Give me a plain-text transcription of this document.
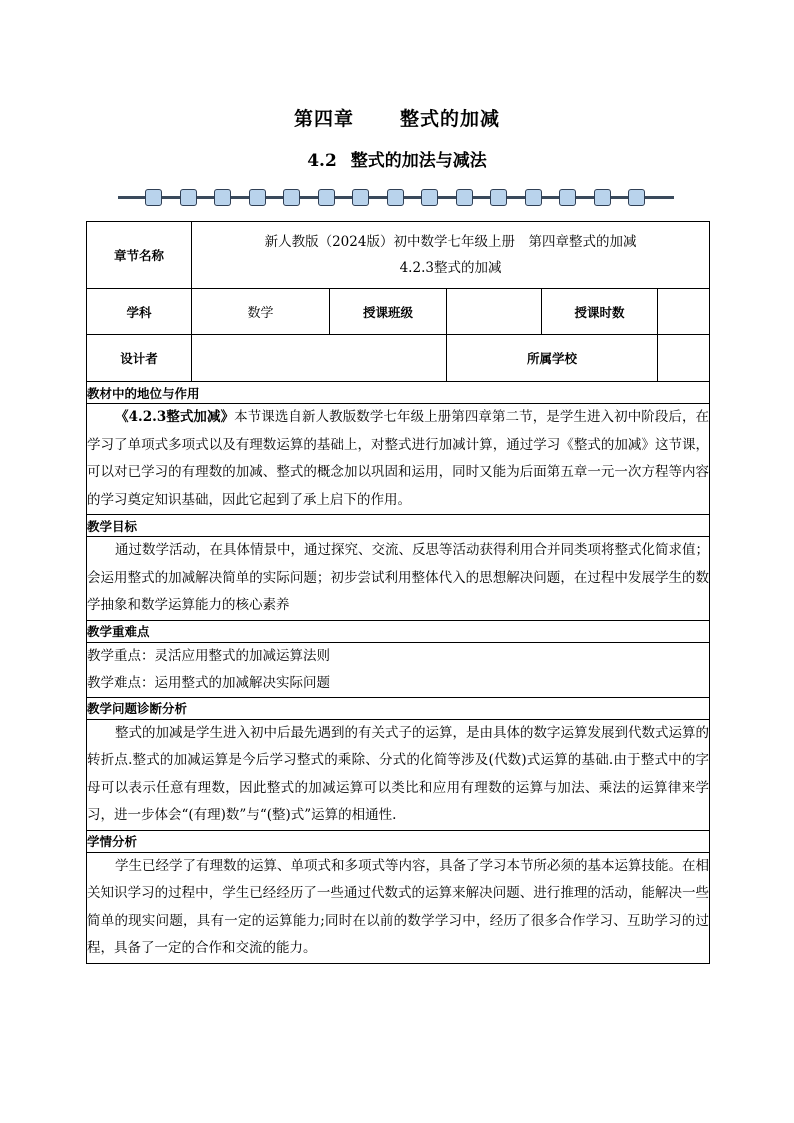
第四章 整式的加减
4.2 整式的加法与减法
章节名称	新人教版（2024版）初中数学七年级上册　第四章整式的加减
4.2.3整式的加减				

学科	数学	授课班级		授课时数	
设计者			所属学校		
教材中的地位与作用					
《4.2.3整式加减》本节课选自新人教版数学七年级上册第四章第二节，是学生进入初中阶段后，在学习了单项式多项式以及有理数运算的基础上，对整式进行加减计算，通过学习《整式的加减》这节课，可以对已学习的有理数的加减、整式的概念加以巩固和运用，同时又能为后面第五章一元一次方程等内容的学习奠定知识基础，因此它起到了承上启下的作用。					
教学目标					
通过数学活动，在具体情景中，通过探究、交流、反思等活动获得利用合并同类项将整式化简求值；会运用整式的加减解决简单的实际问题；初步尝试利用整体代入的思想解决问题，在过程中发展学生的数学抽象和数学运算能力的核心素养					
教学重难点					

教学重点：灵活应用整式的加减运算法则
教学难点：运用整式的加减解决实际问题					

教学问题诊断分析					
整式的加减是学生进入初中后最先遇到的有关式子的运算，是由具体的数字运算发展到代数式运算的转折点.整式的加减运算是今后学习整式的乘除、分式的化简等涉及(代数)式运算的基础.由于整式中的字母可以表示任意有理数，因此整式的加减运算可以类比和应用有理数的运算与加法、乘法的运算律来学习，进一步体会“(有理)数”与“(整)式”运算的相通性.					
学情分析					
学生已经学了有理数的运算、单项式和多项式等内容，具备了学习本节所必须的基本运算技能。在相关知识学习的过程中，学生已经经历了一些通过代数式的运算来解决问题、进行推理的活动，能解决一些简单的现实问题，具有一定的运算能力;同时在以前的数学学习中，经历了很多合作学习、互助学习的过程，具备了一定的合作和交流的能力。					
